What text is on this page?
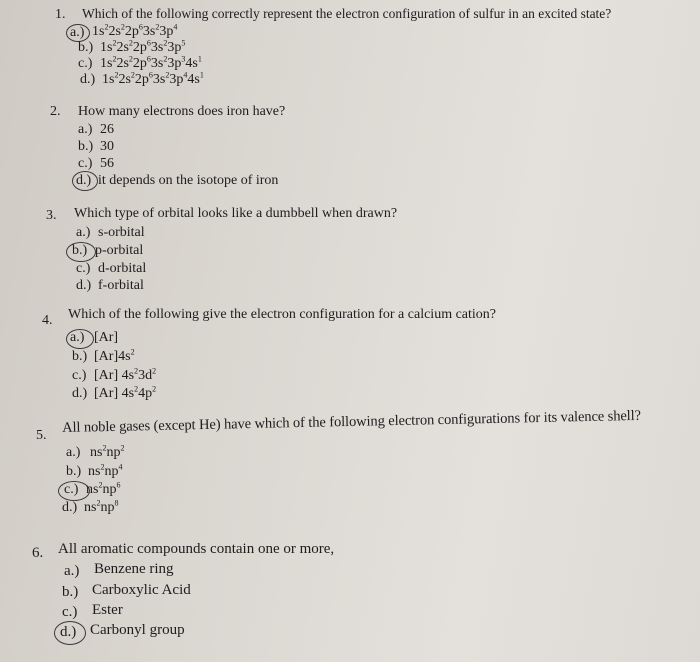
1. Which of the following correctly represent the electron configuration of sulfur in an excited state?
a.) $1s^22s^22p^63s^23p^4$
b.) $1s^22s^22p^63s^23p^5$
c.) $1s^22s^22p^63s^23p^34s^1$
d.) $1s^22s^22p^63s^23p^44s^1$
2. How many electrons does iron have?
a.) 26
b.) 30
c.) 56
d.) it depends on the isotope of iron
3. Which type of orbital looks like a dumbbell when drawn?
a.) s-orbital
b.) p-orbital
c.) d-orbital
d.) f-orbital
4. Which of the following give the electron configuration for a calcium cation?
a.) [Ar]
b.) $[Ar]4s^2$
c.) [Ar] $4s^23d^2$
d.) [Ar] $4s^24p^2$
5. All noble gases (except He) have which of the following electron configurations for its valence shell?
a.) $ns^2np^2$
b.) $ns^2np^4$
c.) $ns^2np^6$
d.) $ns^2np^8$
6. All aromatic compounds contain one or more,
a.) Benzene ring
b.) Carboxylic Acid
c.) Ester
d.) Carbonyl group
